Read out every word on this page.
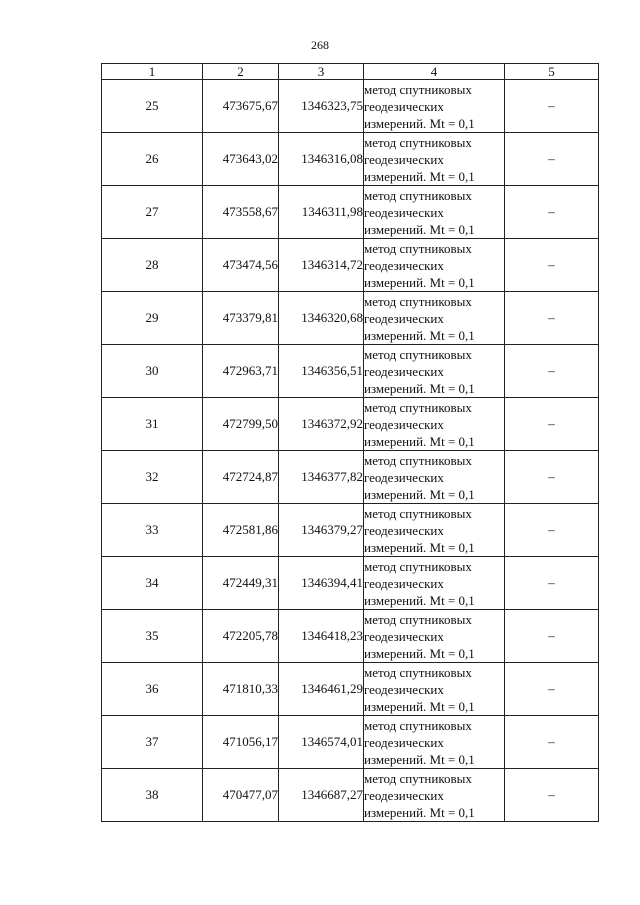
268
1	2	3	4	5
25	473675,67	1346323,75	метод спутниковых
геодезических
измерений. Mt = 0,1	–
26	473643,02	1346316,08	метод спутниковых
геодезических
измерений. Mt = 0,1	–
27	473558,67	1346311,98	метод спутниковых
геодезических
измерений. Mt = 0,1	–
28	473474,56	1346314,72	метод спутниковых
геодезических
измерений. Mt = 0,1	–
29	473379,81	1346320,68	метод спутниковых
геодезических
измерений. Mt = 0,1	–
30	472963,71	1346356,51	метод спутниковых
геодезических
измерений. Mt = 0,1	–
31	472799,50	1346372,92	метод спутниковых
геодезических
измерений. Mt = 0,1	–
32	472724,87	1346377,82	метод спутниковых
геодезических
измерений. Mt = 0,1	–
33	472581,86	1346379,27	метод спутниковых
геодезических
измерений. Mt = 0,1	–
34	472449,31	1346394,41	метод спутниковых
геодезических
измерений. Mt = 0,1	–
35	472205,78	1346418,23	метод спутниковых
геодезических
измерений. Mt = 0,1	–
36	471810,33	1346461,29	метод спутниковых
геодезических
измерений. Mt = 0,1	–
37	471056,17	1346574,01	метод спутниковых
геодезических
измерений. Mt = 0,1	–
38	470477,07	1346687,27	метод спутниковых
геодезических
измерений. Mt = 0,1	–
